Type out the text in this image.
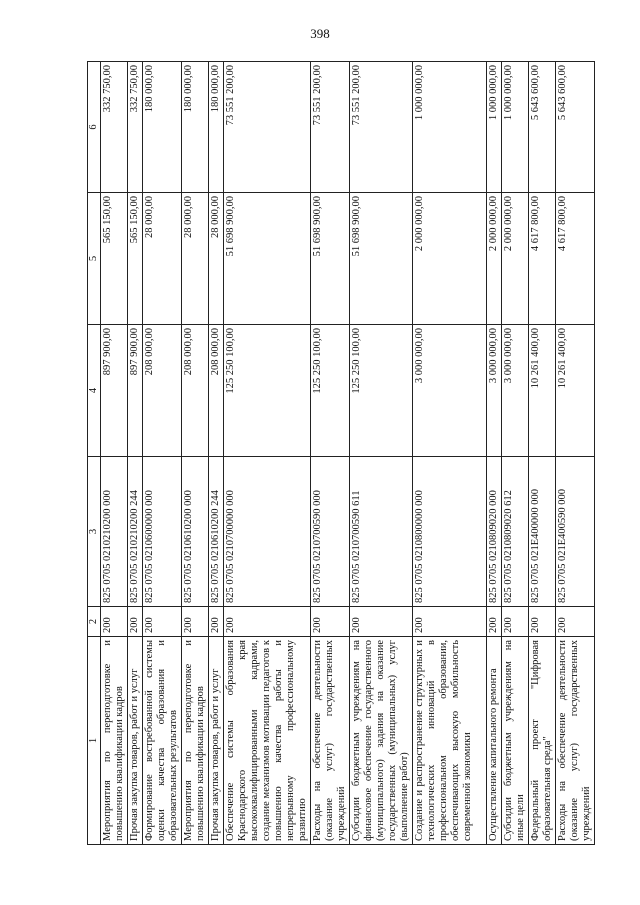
398
1	2	3	4	5	6
Мероприятия по переподготовке и повышению квалификации кадров	200	825 0705 0210210200 000	897 900,00	565 150,00	332 750,00
Прочая закупка товаров, работ и услуг	200	825 0705 0210210200 244	897 900,00	565 150,00	332 750,00
Формирование востребованной системы оценки качества образования и образовательных результатов	200	825 0705 0210600000 000	208 000,00	28 000,00	180 000,00
Мероприятия по переподготовке и повышению квалификации кадров	200	825 0705 0210610200 000	208 000,00	28 000,00	180 000,00
Прочая закупка товаров, работ и услуг	200	825 0705 0210610200 244	208 000,00	28 000,00	180 000,00
Обеспечение системы образования Краснодарского края высококвалифицированными кадрами, создание механизмов мотивации педагогов к повышению качества работы и непрерывному профессиональному развитию	200	825 0705 0210700000 000	125 250 100,00	51 698 900,00	73 551 200,00
Расходы на обеспечение деятельности (оказание услуг) государственных учреждений	200	825 0705 0210700590 000	125 250 100,00	51 698 900,00	73 551 200,00
Субсидии бюджетным учреждениям на финансовое обеспечение государственного (муниципального) задания на оказание государственных (муниципальных) услуг (выполнение работ)	200	825 0705 0210700590 611	125 250 100,00	51 698 900,00	73 551 200,00
Создание и распространение структурных и технологических инноваций в профессиональном образовании, обеспечивающих высокую мобильность современной экономики	200	825 0705 0210800000 000	3 000 000,00	2 000 000,00	1 000 000,00
Осуществление капитального ремонта	200	825 0705 0210809020 000	3 000 000,00	2 000 000,00	1 000 000,00
Субсидии бюджетным учреждениям на иные цели	200	825 0705 0210809020 612	3 000 000,00	2 000 000,00	1 000 000,00
Федеральный проект "Цифровая образовательная среда"	200	825 0705 021E400000 000	10 261 400,00	4 617 800,00	5 643 600,00
Расходы на обеспечение деятельности (оказание услуг) государственных учреждений	200	825 0705 021E400590 000	10 261 400,00	4 617 800,00	5 643 600,00
